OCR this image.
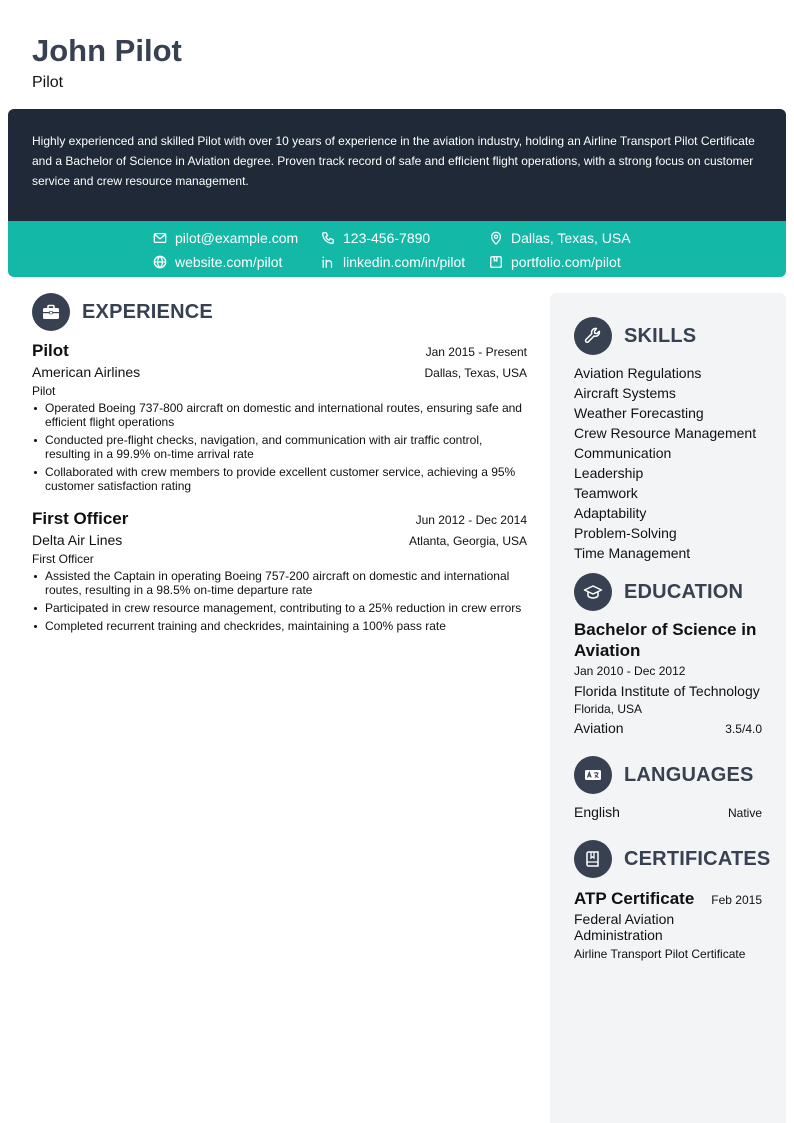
John Pilot
Pilot
Highly experienced and skilled Pilot with over 10 years of experience in the aviation industry, holding an Airline Transport Pilot Certificate and a Bachelor of Science in Aviation degree. Proven track record of safe and efficient flight operations, with a strong focus on customer service and crew resource management.
pilot@example.com	123-456-7890	Dallas, Texas, USA
website.com/pilot	linkedin.com/in/pilot	portfolio.com/pilot
EXPERIENCE
Pilot	Jan 2015 - Present
American Airlines	Dallas, Texas, USA
Pilot
Operated Boeing 737-800 aircraft on domestic and international routes, ensuring safe and efficient flight operations
Conducted pre-flight checks, navigation, and communication with air traffic control, resulting in a 99.9% on-time arrival rate
Collaborated with crew members to provide excellent customer service, achieving a 95% customer satisfaction rating
First Officer	Jun 2012 - Dec 2014
Delta Air Lines	Atlanta, Georgia, USA
First Officer
Assisted the Captain in operating Boeing 757-200 aircraft on domestic and international routes, resulting in a 98.5% on-time departure rate
Participated in crew resource management, contributing to a 25% reduction in crew errors
Completed recurrent training and checkrides, maintaining a 100% pass rate
SKILLS
Aviation Regulations
Aircraft Systems
Weather Forecasting
Crew Resource Management
Communication
Leadership
Teamwork
Adaptability
Problem-Solving
Time Management
EDUCATION
Bachelor of Science in Aviation
Jan 2010 - Dec 2012
Florida Institute of Technology
Florida, USA
Aviation	3.5/4.0
LANGUAGES
English	Native
CERTIFICATES
ATP Certificate Feb 2015
Federal Aviation Administration
Airline Transport Pilot Certificate
